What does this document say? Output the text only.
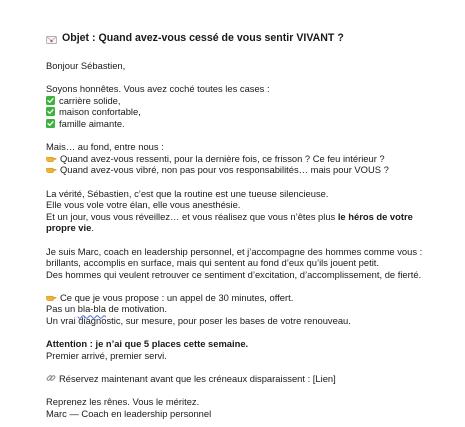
Objet : Quand avez-vous cessé de vous sentir VIVANT ?
Bonjour Sébastien,
Soyons honnêtes. Vous avez coché toutes les cases :
carrière solide,
maison confortable,
famille aimante.
Mais… au fond, entre nous :
Quand avez-vous ressenti, pour la dernière fois, ce frisson ? Ce feu intérieur ?
Quand avez-vous vibré, non pas pour vos responsabilités… mais pour VOUS ?
La vérité, Sébastien, c’est que la routine est une tueuse silencieuse.
Elle vous vole votre élan, elle vous anesthésie.
Et un jour, vous vous réveillez… et vous réalisez que vous n’êtes plus le héros de votre
propre vie.
Je suis Marc, coach en leadership personnel, et j’accompagne des hommes comme vous :
brillants, accomplis en surface, mais qui sentent au fond d’eux qu’ils jouent petit.
Des hommes qui veulent retrouver ce sentiment d’excitation, d’accomplissement, de fierté.
Ce que je vous propose : un appel de 30 minutes, offert.
Pas un bla-bla de motivation.
Un vrai diagnostic, sur mesure, pour poser les bases de votre renouveau.
Attention : je n’ai que 5 places cette semaine.
Premier arrivé, premier servi.
Réservez maintenant avant que les créneaux disparaissent : [Lien]
Reprenez les rênes. Vous le méritez.
Marc — Coach en leadership personnel
